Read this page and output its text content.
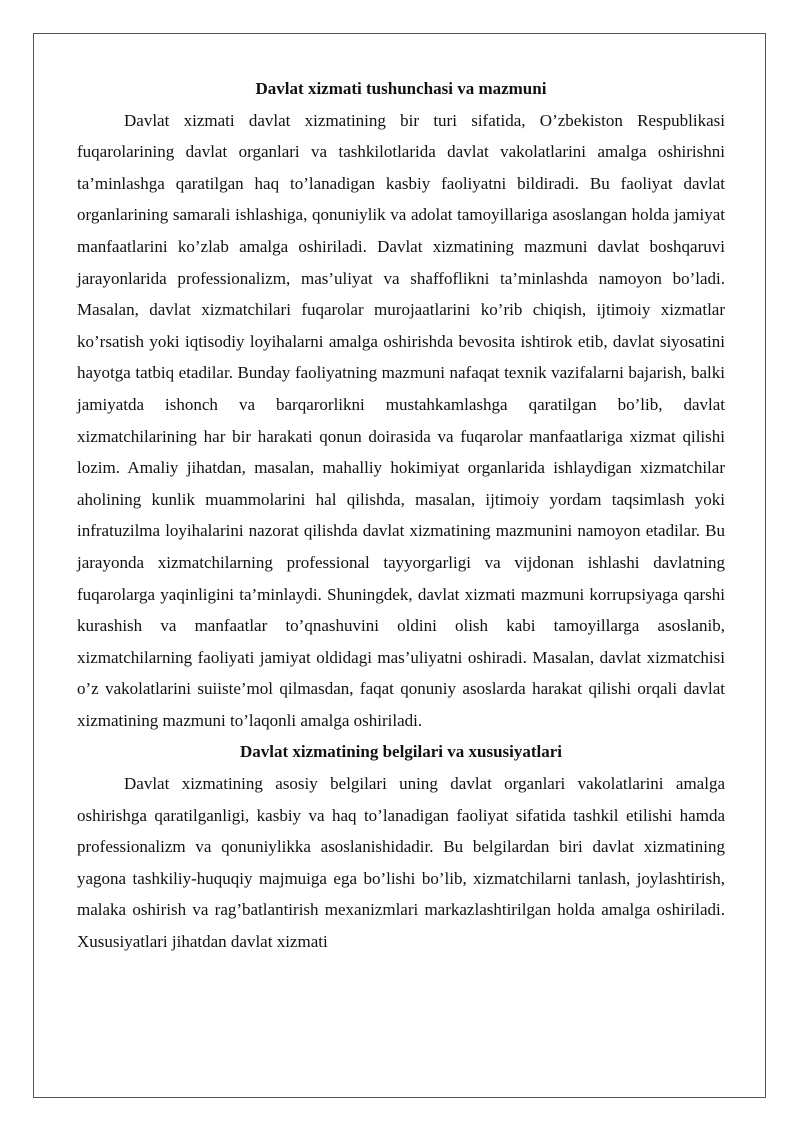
Davlat xizmati tushunchasi va mazmuni

Davlat xizmati davlat xizmatining bir turi sifatida, O’zbekiston Respublikasi fuqarolarining davlat organlari va tashkilotlarida davlat vakolatlarini amalga oshirishni ta’minlashga qaratilgan haq to’lanadigan kasbiy faoliyatni bildiradi. Bu faoliyat davlat organlarining samarali ishlashiga, qonuniylik va adolat tamoyillariga asoslangan holda jamiyat manfaatlarini ko’zlab amalga oshiriladi. Davlat xizmatining mazmuni davlat boshqaruvi jarayonlarida professionalizm, mas’uliyat va shaffoflikni ta’minlashda namoyon bo’ladi. Masalan, davlat xizmatchilari fuqarolar murojaatlarini ko’rib chiqish, ijtimoiy xizmatlar ko’rsatish yoki iqtisodiy loyihalarni amalga oshirishda bevosita ishtirok etib, davlat siyosatini hayotga tatbiq etadilar. Bunday faoliyatning mazmuni nafaqat texnik vazifalarni bajarish, balki jamiyatda ishonch va barqarorlikni mustahkamlashga qaratilgan bo’lib, davlat xizmatchilarining har bir harakati qonun doirasida va fuqarolar manfaatlariga xizmat qilishi lozim. Amaliy jihatdan, masalan, mahalliy hokimiyat organlarida ishlaydigan xizmatchilar aholining kunlik muammolarini hal qilishda, masalan, ijtimoiy yordam taqsimlash yoki infratuzilma loyihalarini nazorat qilishda davlat xizmatining mazmunini namoyon etadilar. Bu jarayonda xizmatchilarning professional tayyorgarligi va vijdonan ishlashi davlatning fuqarolarga yaqinligini ta’minlaydi. Shuningdek, davlat xizmati mazmuni korrupsiyaga qarshi kurashish va manfaatlar to’qnashuvini oldini olish kabi tamoyillarga asoslanib, xizmatchilarning faoliyati jamiyat oldidagi mas’uliyatni oshiradi. Masalan, davlat xizmatchisi o’z vakolatlarini suiiste’mol qilmasdan, faqat qonuniy asoslarda harakat qilishi orqali davlat xizmatining mazmuni to’laqonli amalga oshiriladi.

Davlat xizmatining belgilari va xususiyatlari

Davlat xizmatining asosiy belgilari uning davlat organlari vakolatlarini amalga oshirishga qaratilganligi, kasbiy va haq to’lanadigan faoliyat sifatida tashkil etilishi hamda professionalizm va qonuniylikka asoslanishidadir. Bu belgilardan biri davlat xizmatining yagona tashkiliy-huquqiy majmuiga ega bo’lishi bo’lib, xizmatchilarni tanlash, joylashtirish, malaka oshirish va rag’batlantirish mexanizmlari markazlashtirilgan holda amalga oshiriladi. Xususiyatlari jihatdan davlat xizmati
